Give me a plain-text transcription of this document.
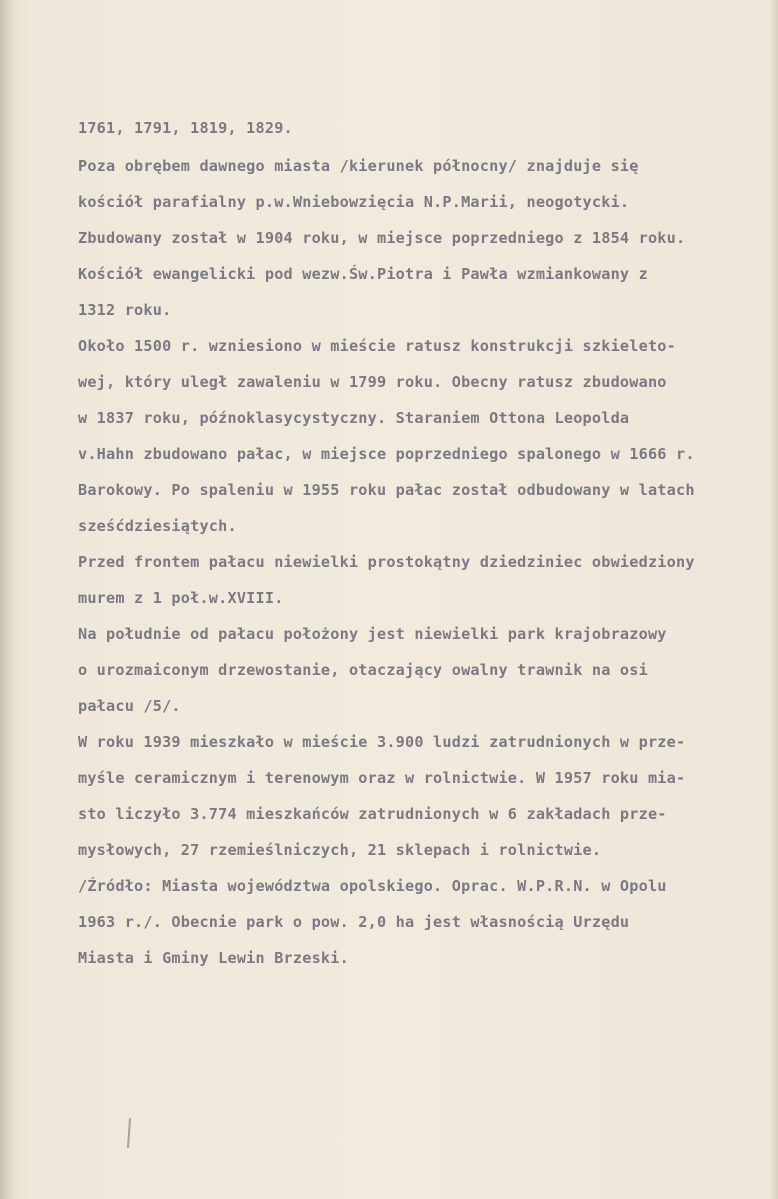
1761, 1791, 1819, 1829.
Poza obrębem dawnego miasta /kierunek północny/ znajduje się
kościół parafialny p.w.Wniebowzięcia N.P.Marii, neogotycki.
Zbudowany został w 1904 roku, w miejsce poprzedniego z 1854 roku.
Kościół ewangelicki pod wezw.Św.Piotra i Pawła wzmiankowany z
1312 roku.
Około 1500 r. wzniesiono w mieście ratusz konstrukcji szkieleto-
wej, który uległ zawaleniu w 1799 roku. Obecny ratusz zbudowano
w 1837 roku, późnoklasycystyczny. Staraniem Ottona Leopolda
v.Hahn zbudowano pałac, w miejsce poprzedniego spalonego w 1666 r.
Barokowy. Po spaleniu w 1955 roku pałac został odbudowany w latach
sześćdziesiątych.
Przed frontem pałacu niewielki prostokątny dziedziniec obwiedziony
murem z 1 poł.w.XVIII.
Na południe od pałacu położony jest niewielki park krajobrazowy
o urozmaiconym drzewostanie, otaczający owalny trawnik na osi
pałacu /5/.
W roku 1939 mieszkało w mieście 3.900 ludzi zatrudnionych w prze-
myśle ceramicznym i terenowym oraz w rolnictwie. W 1957 roku mia-
sto liczyło 3.774 mieszkańców zatrudnionych w 6 zakładach prze-
mysłowych, 27 rzemieślniczych, 21 sklepach i rolnictwie.
/Źródło: Miasta województwa opolskiego. Oprac. W.P.R.N. w Opolu
1963 r./. Obecnie park o pow. 2,0 ha jest własnością Urzędu
Miasta i Gminy Lewin Brzeski.
